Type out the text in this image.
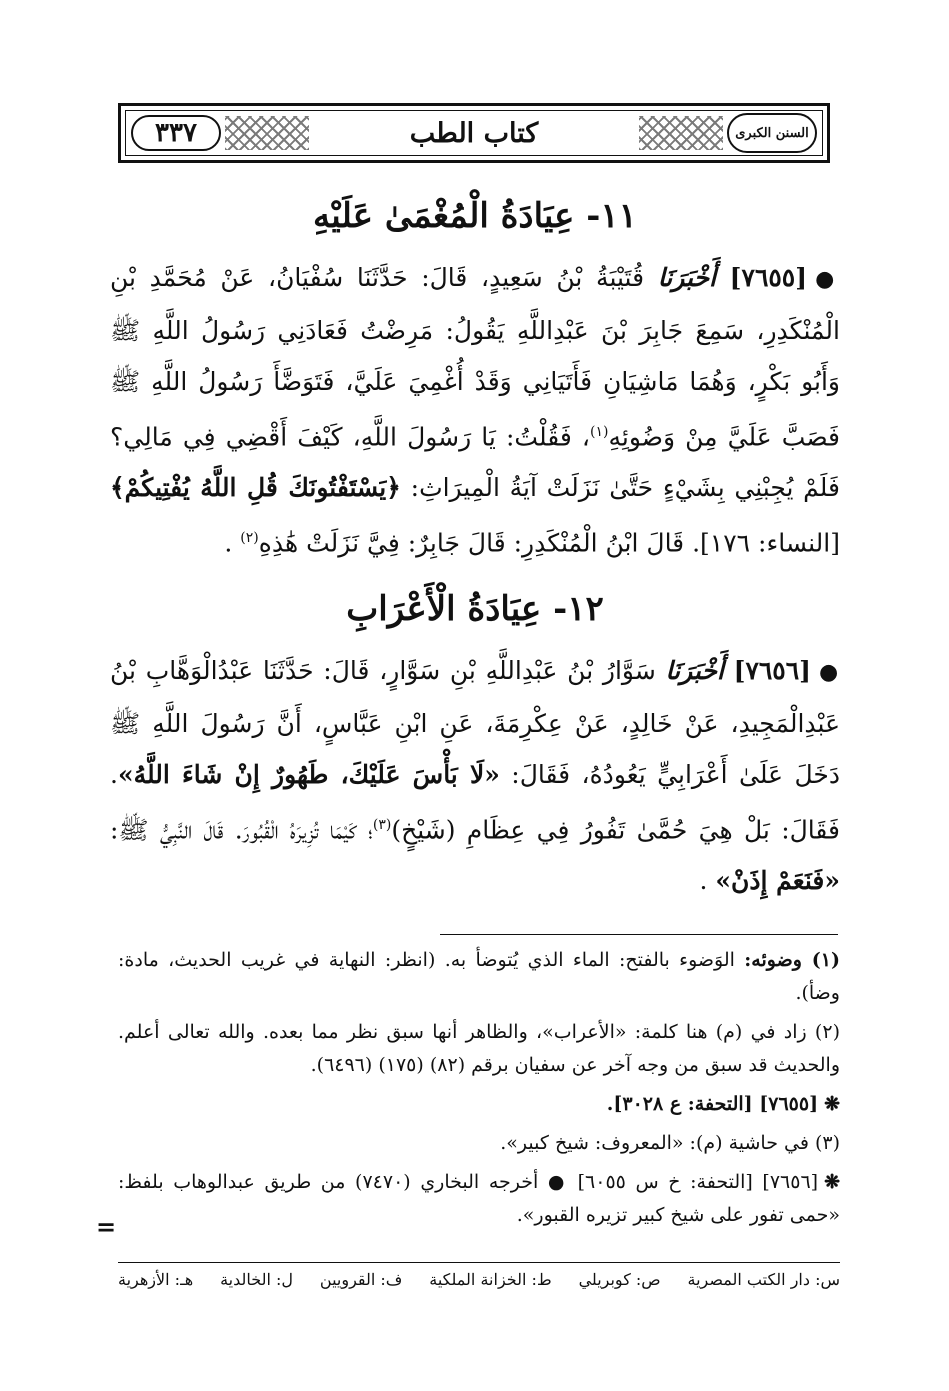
٣٣٧	كتاب الطب	السنن الكبرى
١١- عِيَادَةُ الْمُغْمَىٰ عَلَيْهِ

●[٧٦٥٥] أَخْبَرَنَا قُتَيْبَةُ بْنُ سَعِيدٍ، قَالَ: حَدَّثَنَا سُفْيَانُ، عَنْ مُحَمَّدِ بْنِ الْمُنْكَدِرِ، سَمِعَ جَابِرَ بْنَ عَبْدِاللَّهِ يَقُولُ: مَرِضْتُ فَعَادَنِي رَسُولُ اللَّهِ ﷺ وَأَبُو بَكْرٍ، وَهُمَا مَاشِيَانِ فَأَتَيَانِي وَقَدْ أُغْمِيَ عَلَيَّ، فَتَوَضَّأَ رَسُولُ اللَّهِ ﷺ فَصَبَّ عَلَيَّ مِنْ وَضُوئِهِ$^{(١)}$، فَقُلْتُ: يَا رَسُولَ اللَّهِ، كَيْفَ أَقْضِي فِي مَالِي؟ فَلَمْ يُجِبْنِي بِشَيْءٍ حَتَّىٰ نَزَلَتْ آيَةُ الْمِيرَاثِ: ﴿يَسْتَفْتُونَكَ قُلِ اللَّهُ يُفْتِيكُمْ﴾ [النساء: ١٧٦]. قَالَ ابْنُ الْمُنْكَدِرِ: قَالَ جَابِرٌ: فِيَّ نَزَلَتْ هَٰذِهِ$^{(٢)}$ .

١٢- عِيَادَةُ الْأَعْرَابِ

●[٧٦٥٦] أَخْبَرَنَا سَوَّارُ بْنُ عَبْدِاللَّهِ بْنِ سَوَّارٍ، قَالَ: حَدَّثَنَا عَبْدُالْوَهَّابِ بْنُ عَبْدِالْمَجِيدِ، عَنْ خَالِدٍ، عَنْ عِكْرِمَةَ، عَنِ ابْنِ عَبَّاسٍ، أَنَّ رَسُولَ اللَّهِ ﷺ دَخَلَ عَلَىٰ أَعْرَابِيٍّ يَعُودُهُ، فَقَالَ: «لَا بَأْسَ عَلَيْكَ، طَهُورٌ إِنْ شَاءَ اللَّهُ». فَقَالَ: بَلْ هِيَ حُمَّىٰ تَفُورُ فِي عِظَامِ (شَيْخٍ)$^{(٣)}$؛ كَيْمَا تُزِيرَهُ الْقُبُورَ. قَالَ النَّبِيُّ ﷺ: «فَنَعَمْ إِذَنْ» .

(١) وضوئه: الوَضوء بالفتح: الماء الذي يُتوضأ به. (انظر: النهاية في غريب الحديث، مادة: وضأ).

(٢) زاد في (م) هنا كلمة: «الأعراب»، والظاهر أنها سبق نظر مما بعده. والله تعالى أعلم. والحديث قد سبق من وجه آخر عن سفيان برقم (٨٢) (١٧٥) (٦٤٩٦).

❋[٧٦٥٥] [التحفة: ع ٣٠٢٨].

(٣) في حاشية (م): «المعروف: شيخ كبير».

❋[٧٦٥٦] [التحفة: خ س ٦٠٥٥] ● أخرجه البخاري (٧٤٧٠) من طريق عبدالوهاب بلفظ: «حمى تفور على شيخ كبير تزيره القبور».

=
س: دار الكتب المصرية
ص: كوبريلي
ط: الخزانة الملكية
ف: القرويين
ل: الخالدية
هـ: الأزهرية
